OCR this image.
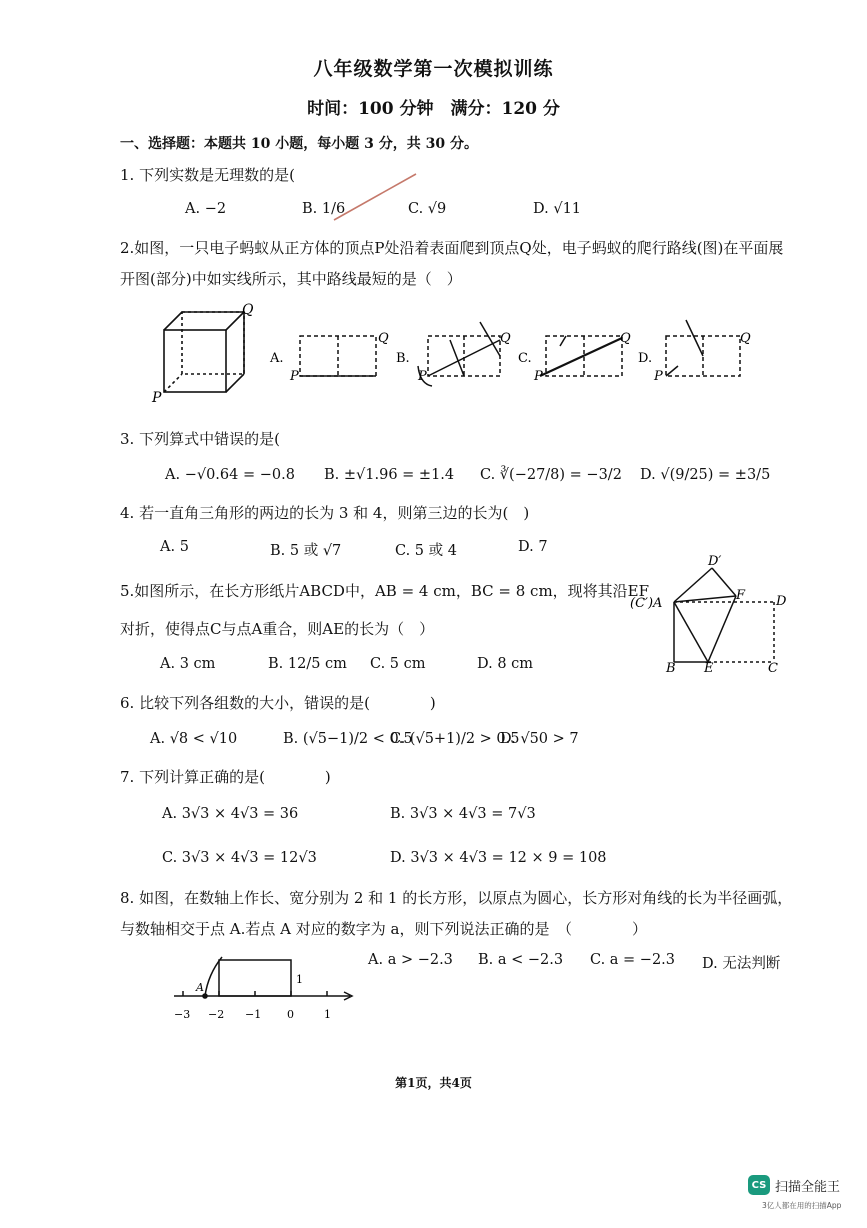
八年级数学第一次模拟训练
时间：100 分钟　满分：120 分
一、选择题：本题共 10 小题，每小题 3 分，共 30 分。
1. 下列实数是无理数的是(
A. −2	B. 1/6	C. √9	D. √11
2.如图，一只电子蚂蚁从正方体的顶点P处沿着表面爬到顶点Q处，电子蚂蚁的爬行路线(图)在平面展
开图(部分)中如实线所示，其中路线最短的是（　）
Q
P
A.
P
Q
B.
P
Q
C.
P
Q
D.
P
Q
3. 下列算式中错误的是(
A. −√0.64 = −0.8 B. ±√1.96 = ±1.4 C. ∛(−27/8) = −3/2 D. √(9/25) = ±3/5
4. 若一直角三角形的两边的长为 3 和 4，则第三边的长为(　)
A. 5	B. 5 或 √7	C. 5 或 4	D. 7
5.如图所示，在长方形纸片ABCD中，AB = 4 cm，BC = 8 cm，现将其沿EF
对折，使得点C与点A重合，则AE的长为（　）
A. 3 cm	B. 12/5 cm C. 5 cm	D. 8 cm
D′
(C′)A
F D
B E	C
6. 比较下列各组数的大小，错误的是(　　　　)
A. √8 < √10	B. (√5−1)/2 < 0.5
C. (√5+1)/2 > 0.5
D. √50 > 7
7. 下列计算正确的是(　　　　)
A. 3√3 × 4√3 = 36	B. 3√3 × 4√3 = 7√3
C. 3√3 × 4√3 = 12√3	D. 3√3 × 4√3 = 12 × 9 = 108
8. 如图，在数轴上作长、宽分别为 2 和 1 的长方形，以原点为圆心，长方形对角线的长为半径画弧，
与数轴相交于点 A.若点 A 对应的数字为 a，则下列说法正确的是　（　　　　）
A. a > −2.3 B. a < −2.3 C. a = −2.3 D. 无法判断
A
1
−3 −2 −1 0	1
第1页，共4页
CS 扫描全能王
3亿人都在用的扫描App
